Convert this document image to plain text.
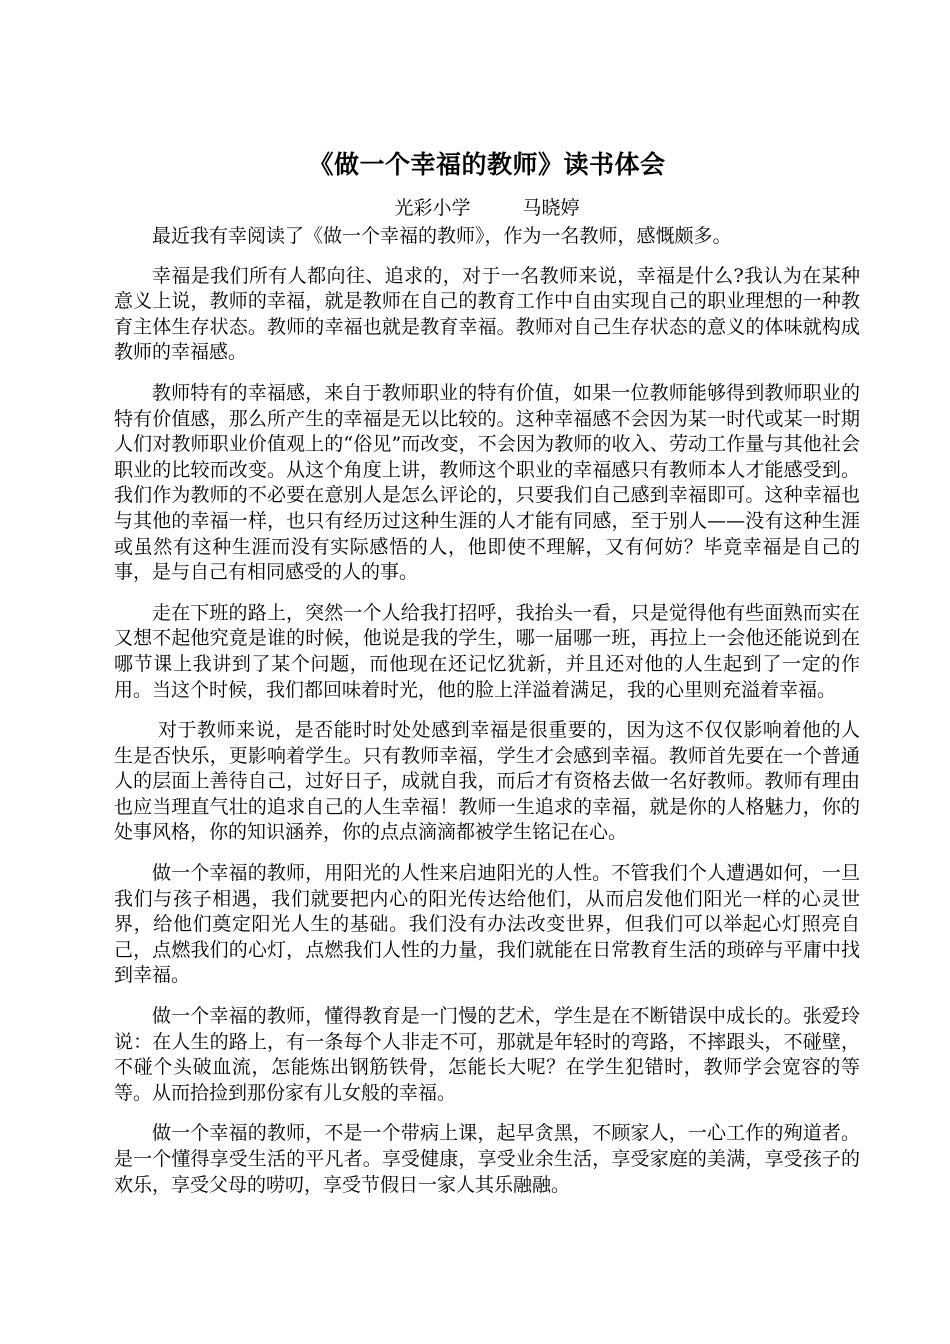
《做一个幸福的教师》读书体会
光彩小学	马晓婷

最近我有幸阅读了《做一个幸福的教师》，作为一名教师，感慨颇多。

幸福是我们所有人都向往、追求的，对于一名教师来说，幸福是什么?我认为在某种意义上说，教师的幸福，就是教师在自己的教育工作中自由实现自己的职业理想的一种教育主体生存状态。教师的幸福也就是教育幸福。教师对自己生存状态的意义的体味就构成教师的幸福感。

教师特有的幸福感，来自于教师职业的特有价值，如果一位教师能够得到教师职业的特有价值感，那么所产生的幸福是无以比较的。这种幸福感不会因为某一时代或某一时期人们对教师职业价值观上的“俗见”而改变，不会因为教师的收入、劳动工作量与其他社会职业的比较而改变。从这个角度上讲，教师这个职业的幸福感只有教师本人才能感受到。我们作为教师的不必要在意别人是怎么评论的，只要我们自己感到幸福即可。这种幸福也与其他的幸福一样，也只有经历过这种生涯的人才能有同感，至于别人——没有这种生涯或虽然有这种生涯而没有实际感悟的人，他即使不理解，又有何妨？毕竟幸福是自己的事，是与自己有相同感受的人的事。

走在下班的路上，突然一个人给我打招呼，我抬头一看，只是觉得他有些面熟而实在又想不起他究竟是谁的时候，他说是我的学生，哪一届哪一班，再拉上一会他还能说到在哪节课上我讲到了某个问题，而他现在还记忆犹新，并且还对他的人生起到了一定的作用。当这个时候，我们都回味着时光，他的脸上洋溢着满足，我的心里则充溢着幸福。

对于教师来说，是否能时时处处感到幸福是很重要的，因为这不仅仅影响着他的人生是否快乐，更影响着学生。只有教师幸福，学生才会感到幸福。教师首先要在一个普通人的层面上善待自己，过好日子，成就自我，而后才有资格去做一名好教师。教师有理由也应当理直气壮的追求自己的人生幸福！教师一生追求的幸福，就是你的人格魅力，你的处事风格，你的知识涵养，你的点点滴滴都被学生铭记在心。

做一个幸福的教师，用阳光的人性来启迪阳光的人性。不管我们个人遭遇如何，一旦我们与孩子相遇，我们就要把内心的阳光传达给他们，从而启发他们阳光一样的心灵世界，给他们奠定阳光人生的基础。我们没有办法改变世界，但我们可以举起心灯照亮自己，点燃我们的心灯，点燃我们人性的力量，我们就能在日常教育生活的琐碎与平庸中找到幸福。

做一个幸福的教师，懂得教育是一门慢的艺术，学生是在不断错误中成长的。张爱玲说：在人生的路上，有一条每个人非走不可，那就是年轻时的弯路，不摔跟头，不碰壁，不碰个头破血流，怎能炼出钢筋铁骨，怎能长大呢？在学生犯错时，教师学会宽容的等等。从而拾捡到那份家有儿女般的幸福。

做一个幸福的教师，不是一个带病上课，起早贪黑，不顾家人，一心工作的殉道者。是一个懂得享受生活的平凡者。享受健康，享受业余生活，享受家庭的美满，享受孩子的欢乐，享受父母的唠叨，享受节假日一家人其乐融融。
